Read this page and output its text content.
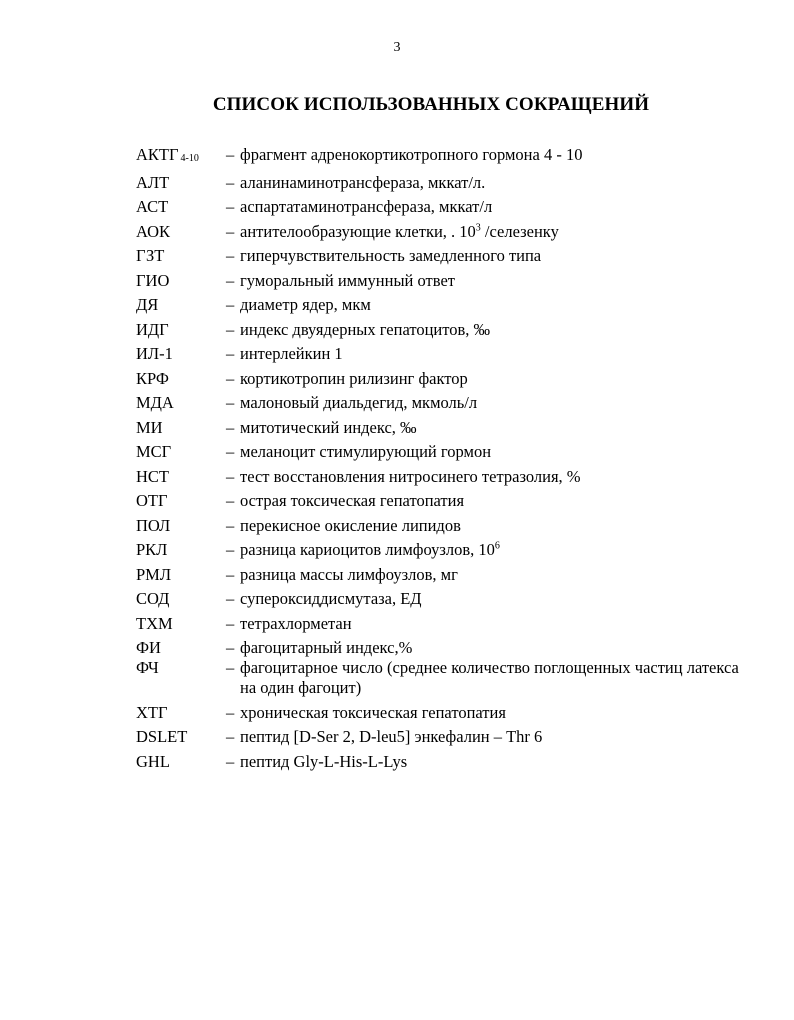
3
СПИСОК ИСПОЛЬЗОВАННЫХ СОКРАЩЕНИЙ
АКТГ $_{4-10}$	– фрагмент адренокортикотропного гормона 4 - 10
АЛТ	– аланинаминотрансфераза, мккат/л.
АСТ	– аспартатаминотрансфераза, мккат/л
АОК	– антителообразующие клетки, . $10^3$ /селезенку
ГЗТ	– гиперчувствительность замедленного типа
ГИО	– гуморальный иммунный ответ
ДЯ	– диаметр ядер, мкм
ИДГ	– индекс двуядерных гепатоцитов, ‰
ИЛ-1	– интерлейкин 1
КРФ	– кортикотропин рилизинг фактор
МДА	– малоновый диальдегид, мкмоль/л
МИ	– митотический индекс, ‰
МСГ	– меланоцит стимулирующий гормон
НСТ	– тест восстановления нитросинего тетразолия, %
ОТГ	– острая токсическая гепатопатия
ПОЛ	– перекисное окисление липидов
РКЛ	– разница кариоцитов лимфоузлов, $10^6$
РМЛ	– разница массы лимфоузлов, мг
СОД	– супероксиддисмутаза, ЕД
ТХМ	– тетрахлорметан
ФИ	– фагоцитарный индекс,%
ФЧ	– фагоцитарное число (среднее количество поглощенных частиц латекса на один фагоцит)
ХТГ	– хроническая токсическая гепатопатия
DSLET	– пептид [D-Ser 2, D-leu5] энкефалин – Thr 6
GHL	– пептид Gly-L-His-L-Lys
